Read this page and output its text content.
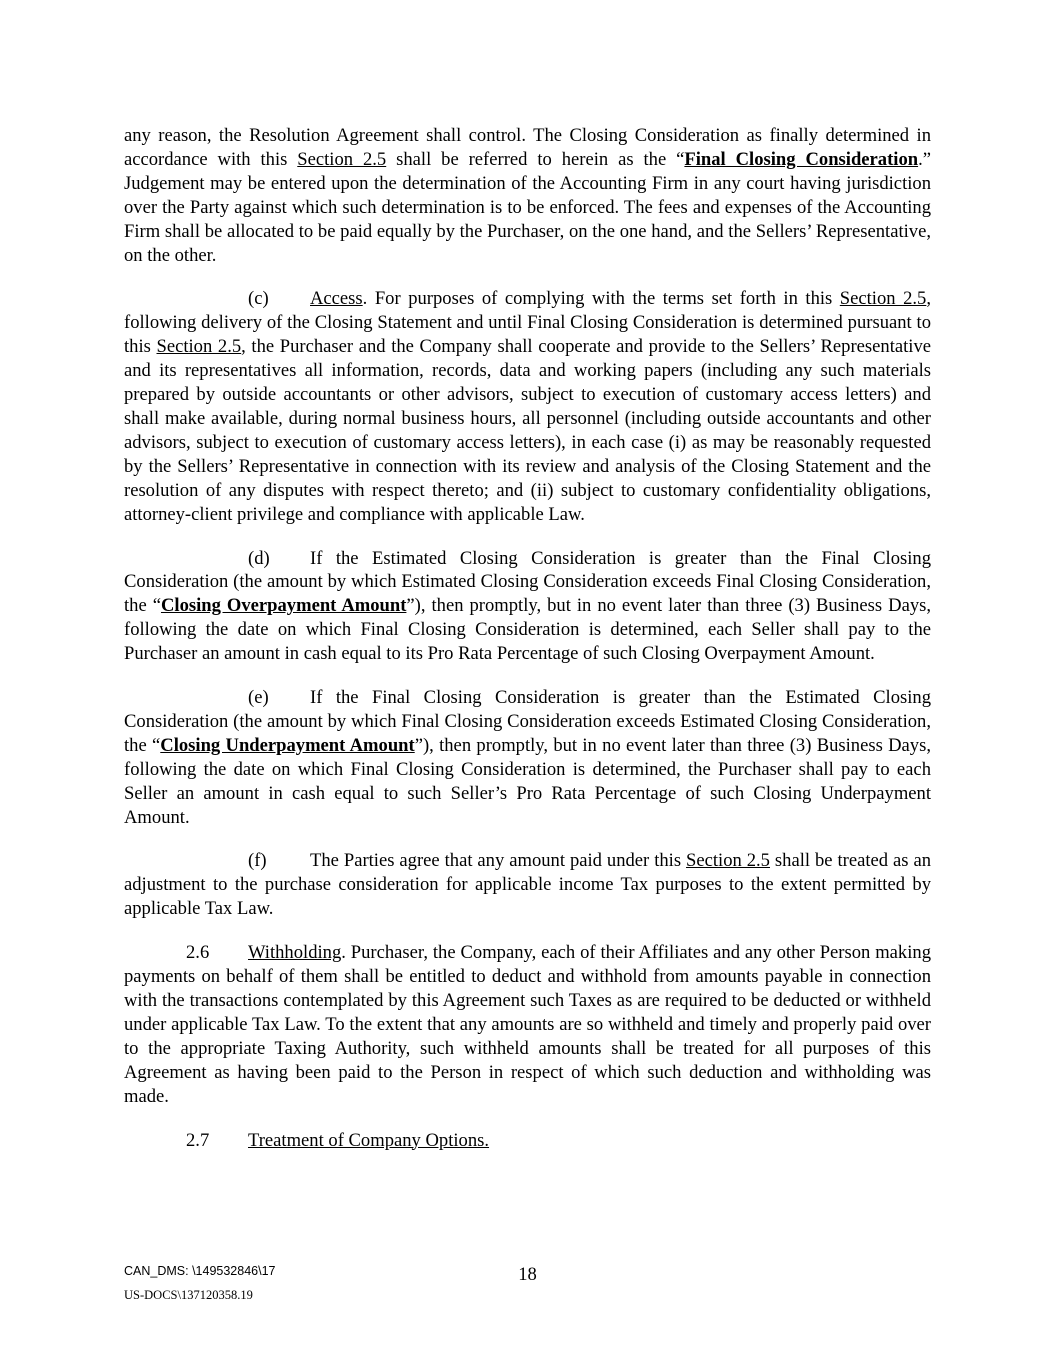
any reason, the Resolution Agreement shall control. The Closing Consideration as finally determined in accordance with this Section 2.5 shall be referred to herein as the “Final Closing Consideration.” Judgement may be entered upon the determination of the Accounting Firm in any court having jurisdiction over the Party against which such determination is to be enforced. The fees and expenses of the Accounting Firm shall be allocated to be paid equally by the Purchaser, on the one hand, and the Sellers’ Representative, on the other.

(c) Access. For purposes of complying with the terms set forth in this Section 2.5, following delivery of the Closing Statement and until Final Closing Consideration is determined pursuant to this Section 2.5, the Purchaser and the Company shall cooperate and provide to the Sellers’ Representative and its representatives all information, records, data and working papers (including any such materials prepared by outside accountants or other advisors, subject to execution of customary access letters) and shall make available, during normal business hours, all personnel (including outside accountants and other advisors, subject to execution of customary access letters), in each case (i) as may be reasonably requested by the Sellers’ Representative in connection with its review and analysis of the Closing Statement and the resolution of any disputes with respect thereto; and (ii) subject to customary confidentiality obligations, attorney-client privilege and compliance with applicable Law.

(d) If the Estimated Closing Consideration is greater than the Final Closing Consideration (the amount by which Estimated Closing Consideration exceeds Final Closing Consideration, the “Closing Overpayment Amount”), then promptly, but in no event later than three (3) Business Days, following the date on which Final Closing Consideration is determined, each Seller shall pay to the Purchaser an amount in cash equal to its Pro Rata Percentage of such Closing Overpayment Amount.

(e) If the Final Closing Consideration is greater than the Estimated Closing Consideration (the amount by which Final Closing Consideration exceeds Estimated Closing Consideration, the “Closing Underpayment Amount”), then promptly, but in no event later than three (3) Business Days, following the date on which Final Closing Consideration is determined, the Purchaser shall pay to each Seller an amount in cash equal to such Seller’s Pro Rata Percentage of such Closing Underpayment Amount.

(f) The Parties agree that any amount paid under this Section 2.5 shall be treated as an adjustment to the purchase consideration for applicable income Tax purposes to the extent permitted by applicable Tax Law.

2.6 Withholding. Purchaser, the Company, each of their Affiliates and any other Person making payments on behalf of them shall be entitled to deduct and withhold from amounts payable in connection with the transactions contemplated by this Agreement such Taxes as are required to be deducted or withheld under applicable Tax Law. To the extent that any amounts are so withheld and timely and properly paid over to the appropriate Taxing Authority, such withheld amounts shall be treated for all purposes of this Agreement as having been paid to the Person in respect of which such deduction and withholding was made.

2.7 Treatment of Company Options.

CAN_DMS: \149532846\17
US-DOCS\137120358.19
18
